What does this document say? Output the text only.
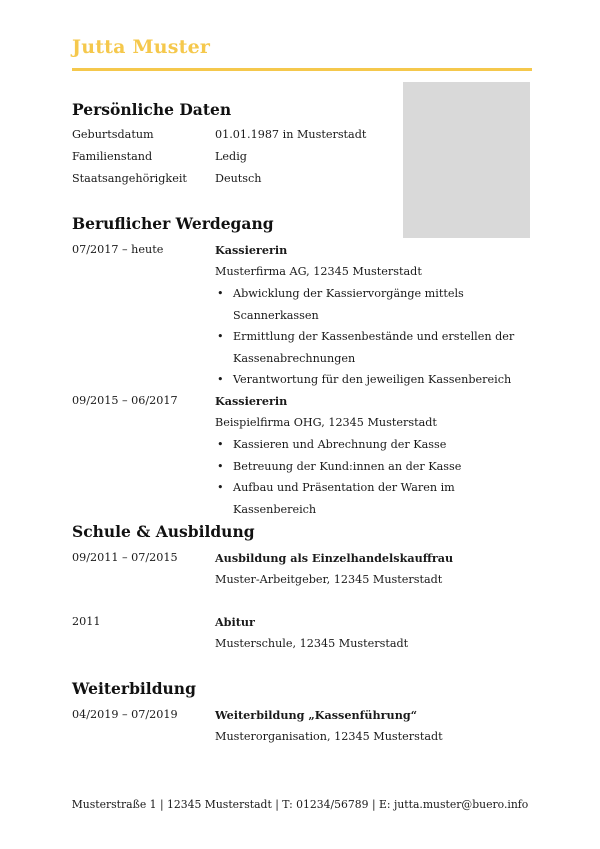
Jutta Muster
Persönliche Daten
Geburtsdatum	01.01.1987 in Musterstadt
Familienstand	Ledig
Staatsangehörigkeit	Deutsch
Beruflicher Werdegang
07/2017 – heute	Kassiererin
Musterfirma AG, 12345 Musterstadt
• Abwicklung der Kassiervorgänge mittels Scannerkassen
• Ermittlung der Kassenbestände und erstellen der Kassenabrechnungen
• Verantwortung für den jeweiligen Kassenbereich
09/2015 – 06/2017	Kassiererin
Beispielfirma OHG, 12345 Musterstadt
• Kassieren und Abrechnung der Kasse
• Betreuung der Kund:innen an der Kasse
• Aufbau und Präsentation der Waren im Kassenbereich
Schule & Ausbildung
09/2011 – 07/2015	Ausbildung als Einzelhandelskauffrau
Muster-Arbeitgeber, 12345 Musterstadt
2011	Abitur
Musterschule, 12345 Musterstadt
Weiterbildung
04/2019 – 07/2019	Weiterbildung „Kassenführung“
Musterorganisation, 12345 Musterstadt
Musterstraße 1 | 12345 Musterstadt | T: 01234/56789 | E: jutta.muster@buero.info
